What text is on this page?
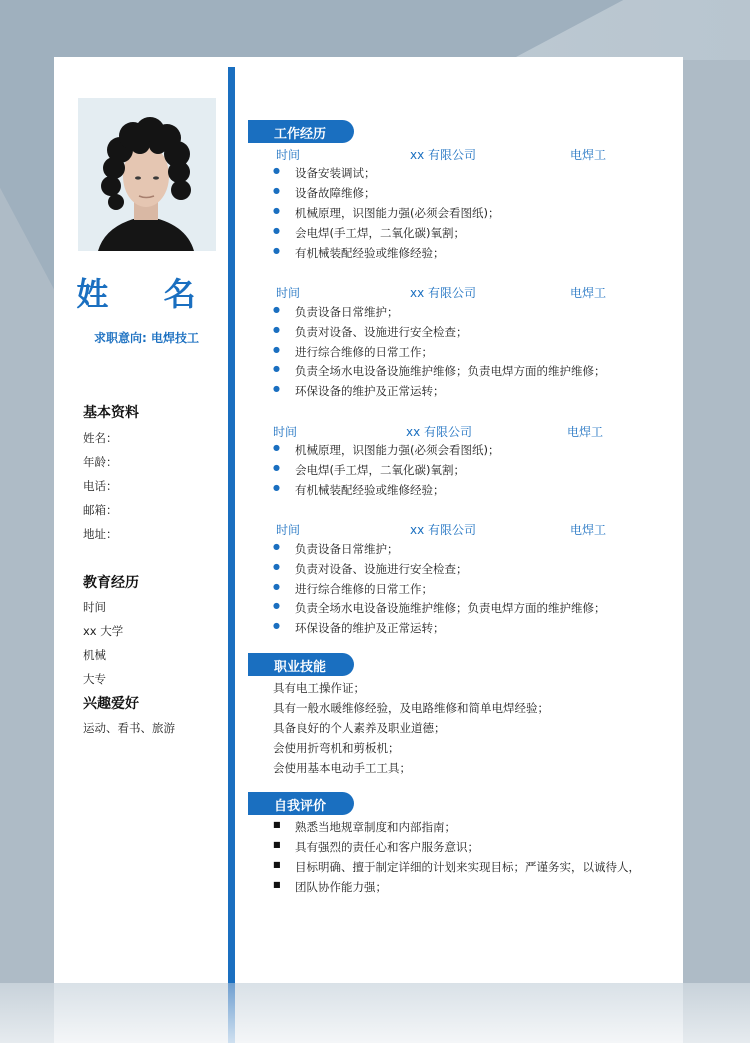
姓 名
求职意向: 电焊技工
基本资料
姓名：
年龄：
电话：
邮箱：
地址：
教育经历
时间
xx 大学
机械
大专
兴趣爱好
运动、看书、旅游
工作经历
时间	xx 有限公司	电焊工
● 设备安装调试；
● 设备故障维修；
● 机械原理，识图能力强(必须会看图纸)；
● 会电焊(手工焊，二氧化碳)氧割；
● 有机械装配经验或维修经验；
时间	xx 有限公司	电焊工
● 负责设备日常维护；
● 负责对设备、设施进行安全检查；
● 进行综合维修的日常工作；
● 负责全场水电设备设施维护维修；负责电焊方面的维护维修；
● 环保设备的维护及正常运转；
时间	xx 有限公司	电焊工
● 机械原理，识图能力强(必须会看图纸)；
● 会电焊(手工焊，二氧化碳)氧割；
● 有机械装配经验或维修经验；
时间	xx 有限公司	电焊工
● 负责设备日常维护；
● 负责对设备、设施进行安全检查；
● 进行综合维修的日常工作；
● 负责全场水电设备设施维护维修；负责电焊方面的维护维修；
● 环保设备的维护及正常运转；
职业技能
具有电工操作证；
具有一般水暖维修经验，及电路维修和简单电焊经验；
具备良好的个人素养及职业道德；
会使用折弯机和剪板机；
会使用基本电动手工工具；
自我评价
■ 熟悉当地规章制度和内部指南；
■ 具有强烈的责任心和客户服务意识；
■ 目标明确、擅于制定详细的计划来实现目标；严谨务实，以诚待人，
■ 团队协作能力强；
